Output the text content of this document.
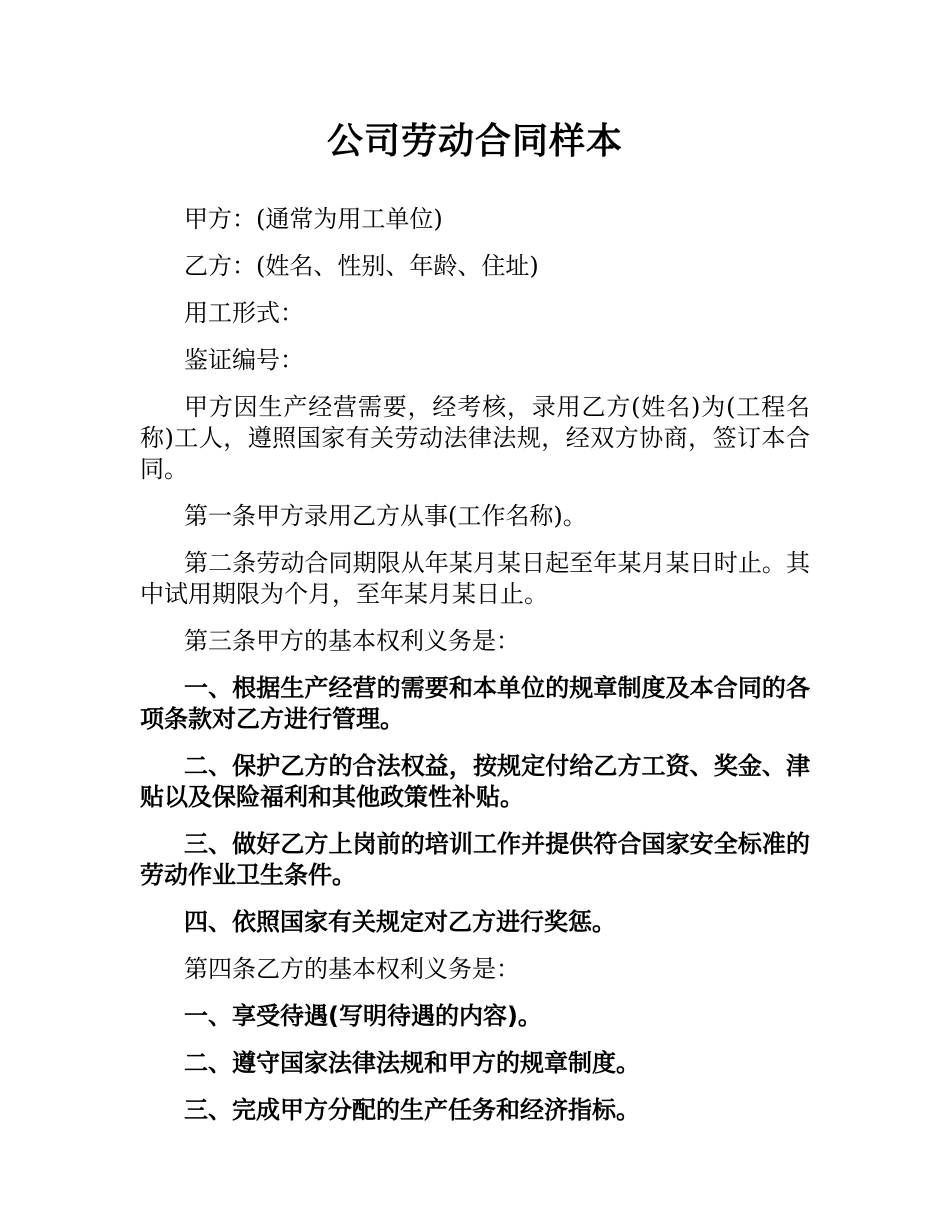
公司劳动合同样本

甲方：(通常为用工单位)

乙方：(姓名、性别、年龄、住址)

用工形式：

鉴证编号：

甲方因生产经营需要，经考核，录用乙方(姓名)为(工程名称)工人，遵照国家有关劳动法律法规，经双方协商，签订本合同。

第一条甲方录用乙方从事(工作名称)。

第二条劳动合同期限从年某月某日起至年某月某日时止。其中试用期限为个月，至年某月某日止。

第三条甲方的基本权利义务是：

一、根据生产经营的需要和本单位的规章制度及本合同的各项条款对乙方进行管理。

二、保护乙方的合法权益，按规定付给乙方工资、奖金、津贴以及保险福利和其他政策性补贴。

三、做好乙方上岗前的培训工作并提供符合国家安全标准的劳动作业卫生条件。

四、依照国家有关规定对乙方进行奖惩。

第四条乙方的基本权利义务是：

一、享受待遇(写明待遇的内容)。

二、遵守国家法律法规和甲方的规章制度。

三、完成甲方分配的生产任务和经济指标。
